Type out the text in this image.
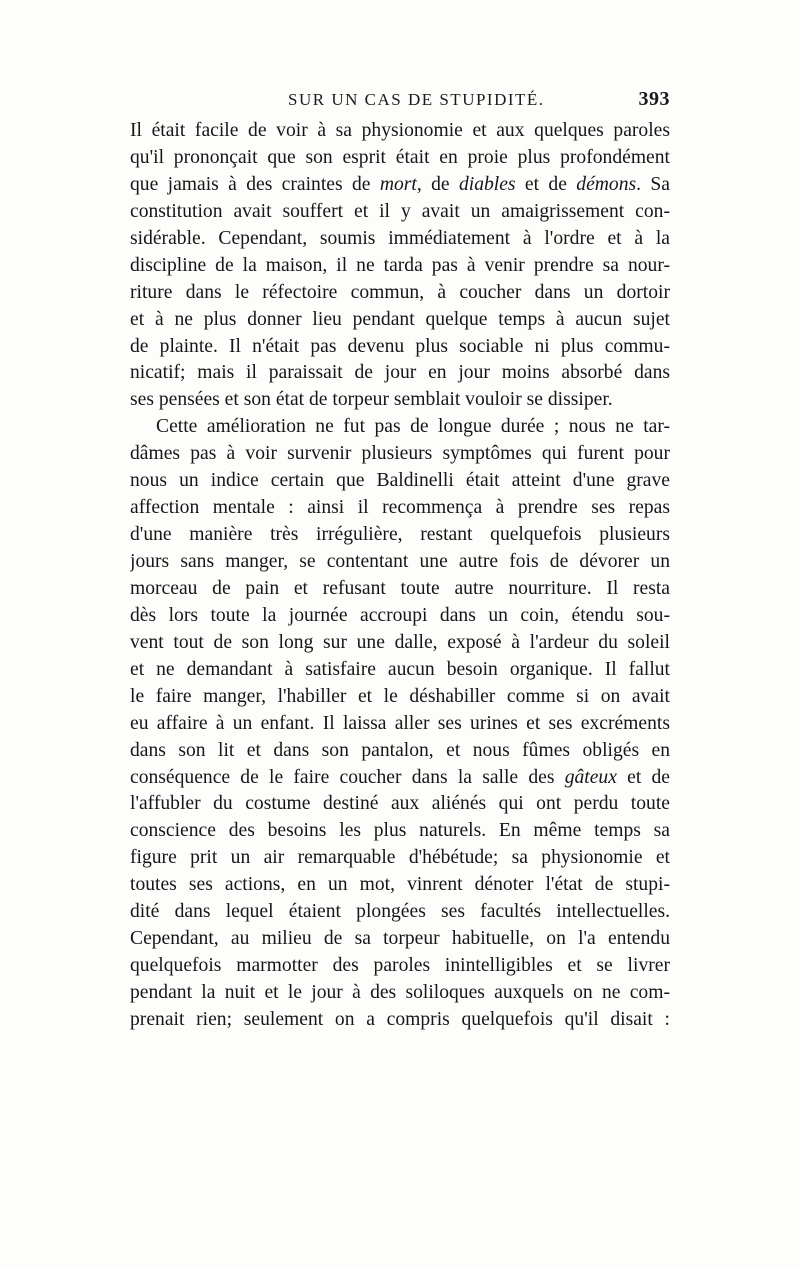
SUR UN CAS DE STUPIDITÉ.	393
Il était facile de voir à sa physionomie et aux quelques paroles
qu'il prononçait que son esprit était en proie plus profondément
que jamais à des craintes de mort, de diables et de démons. Sa
constitution avait souffert et il y avait un amaigrissement con-
sidérable. Cependant, soumis immédiatement à l'ordre et à la
discipline de la maison, il ne tarda pas à venir prendre sa nour-
riture dans le réfectoire commun, à coucher dans un dortoir
et à ne plus donner lieu pendant quelque temps à aucun sujet
de plainte. Il n'était pas devenu plus sociable ni plus commu-
nicatif; mais il paraissait de jour en jour moins absorbé dans
ses pensées et son état de torpeur semblait vouloir se dissiper.
Cette amélioration ne fut pas de longue durée ; nous ne tar-
dâmes pas à voir survenir plusieurs symptômes qui furent pour
nous un indice certain que Baldinelli était atteint d'une grave
affection mentale : ainsi il recommença à prendre ses repas
d'une manière très irrégulière, restant quelquefois plusieurs
jours sans manger, se contentant une autre fois de dévorer un
morceau de pain et refusant toute autre nourriture. Il resta
dès lors toute la journée accroupi dans un coin, étendu sou-
vent tout de son long sur une dalle, exposé à l'ardeur du soleil
et ne demandant à satisfaire aucun besoin organique. Il fallut
le faire manger, l'habiller et le déshabiller comme si on avait
eu affaire à un enfant. Il laissa aller ses urines et ses excréments
dans son lit et dans son pantalon, et nous fûmes obligés en
conséquence de le faire coucher dans la salle des gâteux et de
l'affubler du costume destiné aux aliénés qui ont perdu toute
conscience des besoins les plus naturels. En même temps sa
figure prit un air remarquable d'hébétude; sa physionomie et
toutes ses actions, en un mot, vinrent dénoter l'état de stupi-
dité dans lequel étaient plongées ses facultés intellectuelles.
Cependant, au milieu de sa torpeur habituelle, on l'a entendu
quelquefois marmotter des paroles inintelligibles et se livrer
pendant la nuit et le jour à des soliloques auxquels on ne com-
prenait rien; seulement on a compris quelquefois qu'il disait :
